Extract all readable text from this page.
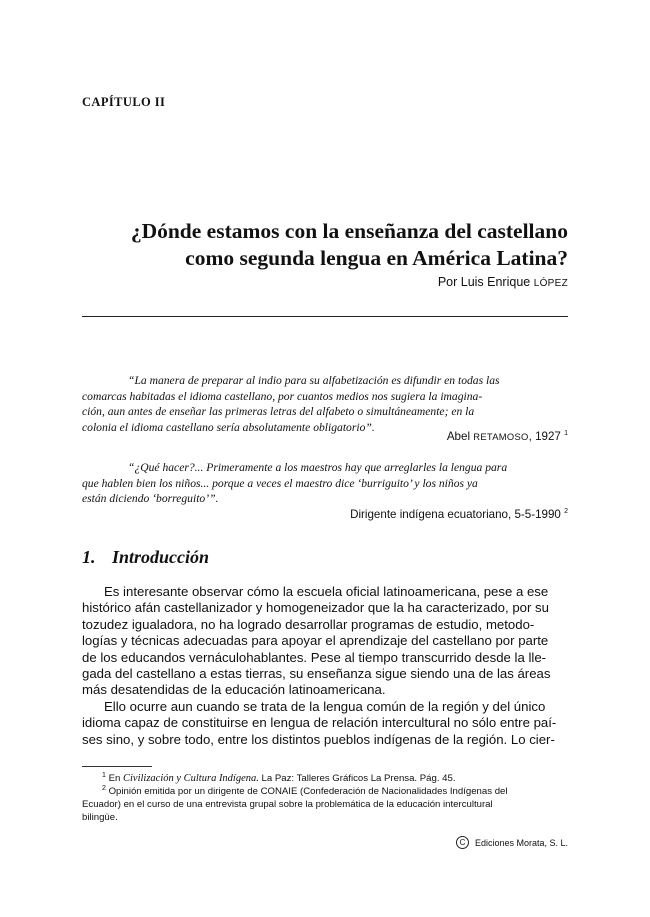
CAPÍTULO II
¿Dónde estamos con la enseñanza del castellano
como segunda lengua en América Latina?
Por Luis Enrique LÓPEZ
“La manera de preparar al indio para su alfabetización es difundir en todas las
comarcas habitadas el idioma castellano, por cuantos medios nos sugiera la imagina-
ción, aun antes de enseñar las primeras letras del alfabeto o simultáneamente; en la
colonia el idioma castellano sería absolutamente obligatorio”.
Abel RETAMOSO, 1927 $^1$
“¿Qué hacer?... Primeramente a los maestros hay que arreglarles la lengua para
que hablen bien los niños... porque a veces el maestro dice ‘burriguito’ y los niños ya
están diciendo ‘borreguito’”.
Dirigente indígena ecuatoriano, 5-5-1990 $^2$
1. Introducción
Es interesante observar cómo la escuela oficial latinoamericana, pese a ese
histórico afán castellanizador y homogeneizador que la ha caracterizado, por su
tozudez igualadora, no ha logrado desarrollar programas de estudio, metodo-
logías y técnicas adecuadas para apoyar el aprendizaje del castellano por parte
de los educandos vernáculohablantes. Pese al tiempo transcurrido desde la lle-
gada del castellano a estas tierras, su enseñanza sigue siendo una de las áreas
más desatendidas de la educación latinoamericana.
Ello ocurre aun cuando se trata de la lengua común de la región y del único
idioma capaz de constituirse en lengua de relación intercultural no sólo entre paí-
ses sino, y sobre todo, entre los distintos pueblos indígenas de la región. Lo cier-
$^1$ En Civilización y Cultura Indígena. La Paz: Talleres Gráficos La Prensa. Pág. 45.
$^2$ Opinión emitida por un dirigente de CONAIE (Confederación de Nacionalidades Indígenas del
Ecuador) en el curso de una entrevista grupal sobre la problemática de la educación intercultural
bilingüe.
C	Ediciones Morata, S. L.
